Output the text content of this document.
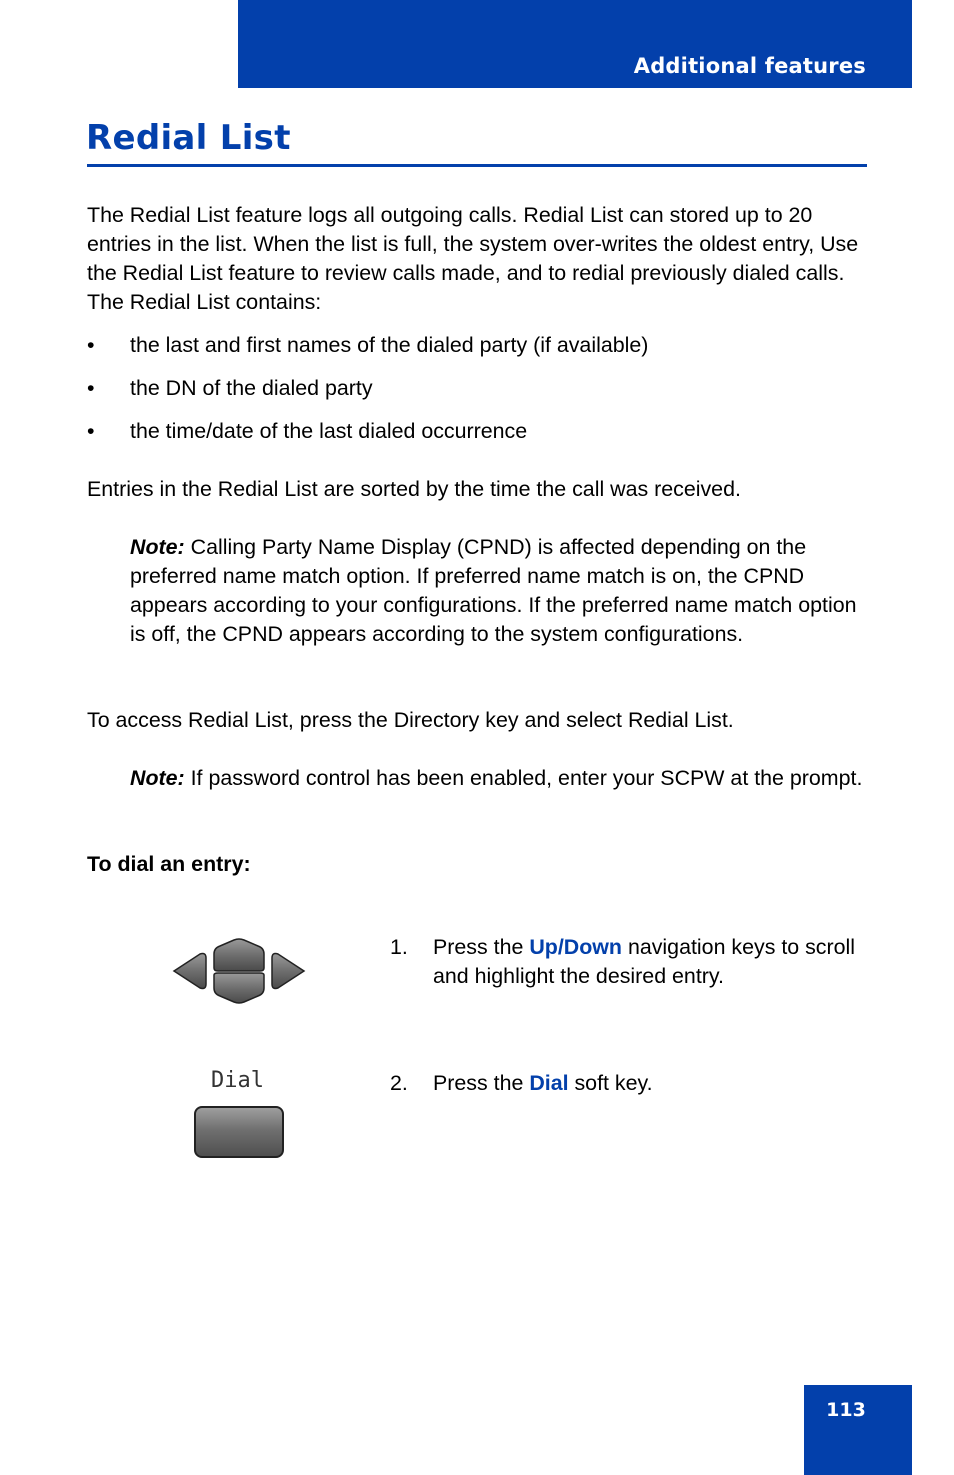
Additional features
Redial List

The Redial List feature logs all outgoing calls. Redial List can stored up to 20 entries in the list. When the list is full, the system over-writes the oldest entry, Use the Redial List feature to review calls made, and to redial previously dialed calls. The Redial List contains:

• the last and first names of the dialed party (if available)
• the DN of the dialed party
• the time/date of the last dialed occurrence

Entries in the Redial List are sorted by the time the call was received.

Note: Calling Party Name Display (CPND) is affected depending on the preferred name match option. If preferred name match is on, the CPND appears according to your configurations. If the preferred name match option is off, the CPND appears according to the system configurations.

To access Redial List, press the Directory key and select Redial List.

Note: If password control has been enabled, enter your SCPW at the prompt.

To dial an entry:

1. Press the Up/Down navigation keys to scroll and highlight the desired entry.
Dial	2. Press the Dial soft key.
113
